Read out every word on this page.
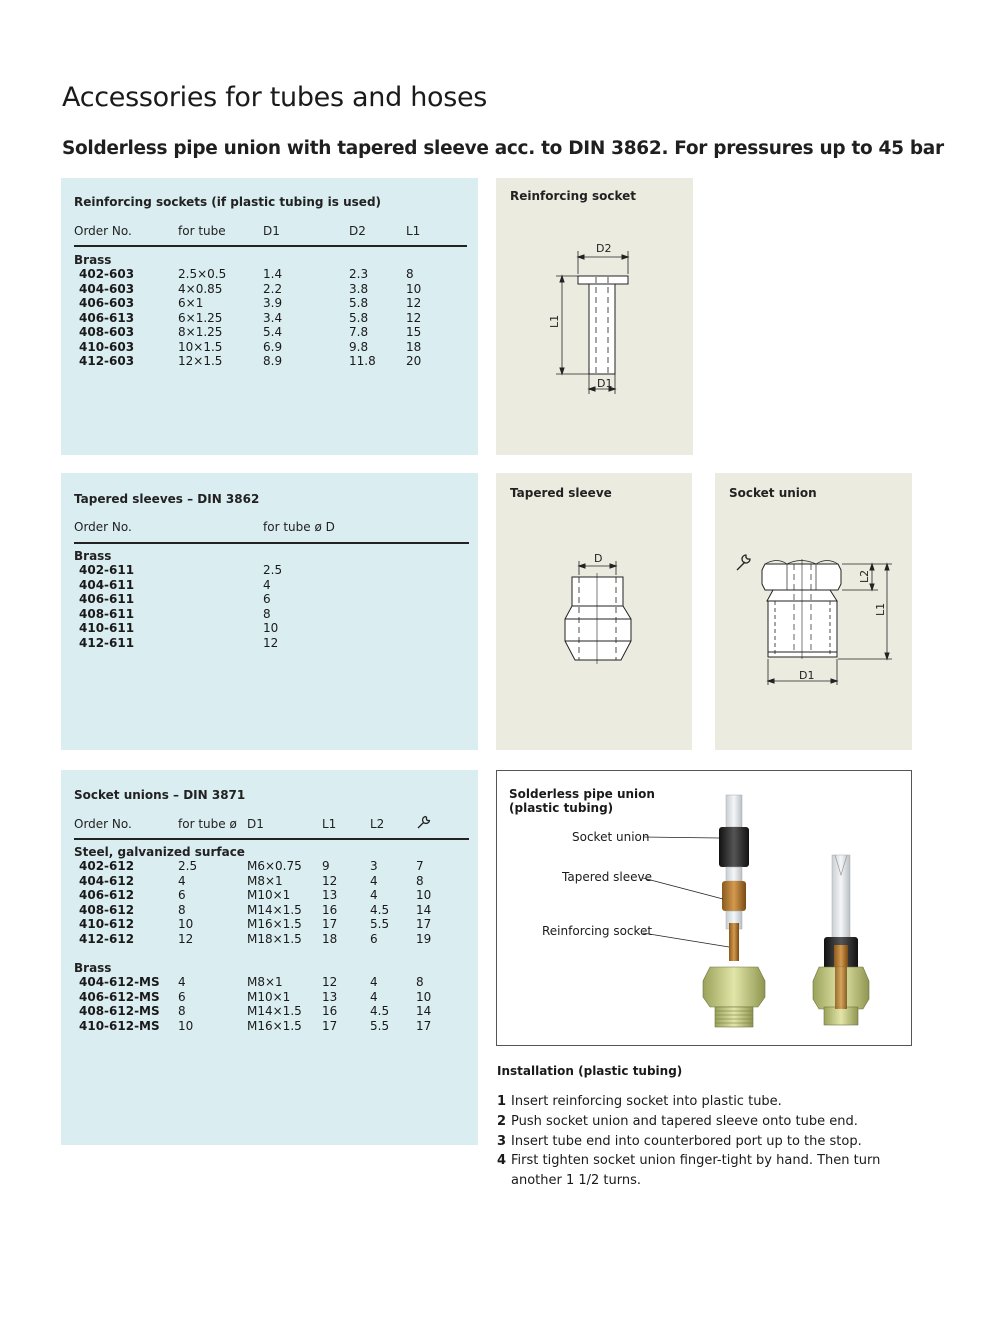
Accessories for tubes and hoses
Solderless pipe union with tapered sleeve acc. to DIN 3862. For pressures up to 45 bar
Reinforcing sockets (if plastic tubing is used)
Order No.	for tube	D1	D2	L1
Brass
402-603	2.5×0.5	1.4	2.3	8
404-603	4×0.85	2.2	3.8	10
406-603	6×1	3.9	5.8	12
406-613	6×1.25	3.4	5.8	12
408-603	8×1.25	5.4	7.8	15
410-603	10×1.5	6.9	9.8	18
412-603	12×1.5	8.9	11.8	20
Tapered sleeves – DIN 3862
Order No.	for tube ø D
Brass
402-611	2.5
404-611	4
406-611	6
408-611	8
410-611	10
412-611	12
Socket unions – DIN 3871
Order No.	for tube ø D1	L1	L2
Steel, galvanized surface
402-612	2.5	M6×0.75 9	3	7
404-612	4	M8×1	12	4	8
406-612	6	M10×1	13	4	10
408-612	8	M14×1.5 16	4.5 14
410-612	10	M16×1.5 17	5.5 17
412-612	12	M18×1.5 18	6	19
Brass
404-612-MS 4	M8×1	12	4	8
406-612-MS 6	M10×1	13	4	10
408-612-MS 8	M14×1.5 16	4.5 14
410-612-MS 10	M16×1.5 17	5.5 17
Reinforcing socket
D2
L1
D1
Tapered sleeve
D
Socket union
L2
L1
D1
Solderless pipe union (plastic tubing)
Socket union
Tapered sleeve
Reinforcing socket
Installation (plastic tubing)
1 Insert reinforcing socket into plastic tube.
2 Push socket union and tapered sleeve onto tube end.
3 Insert tube end into counterbored port up to the stop.
4 First tighten socket union finger-tight by hand. Then turn another 1 1/2 turns.
